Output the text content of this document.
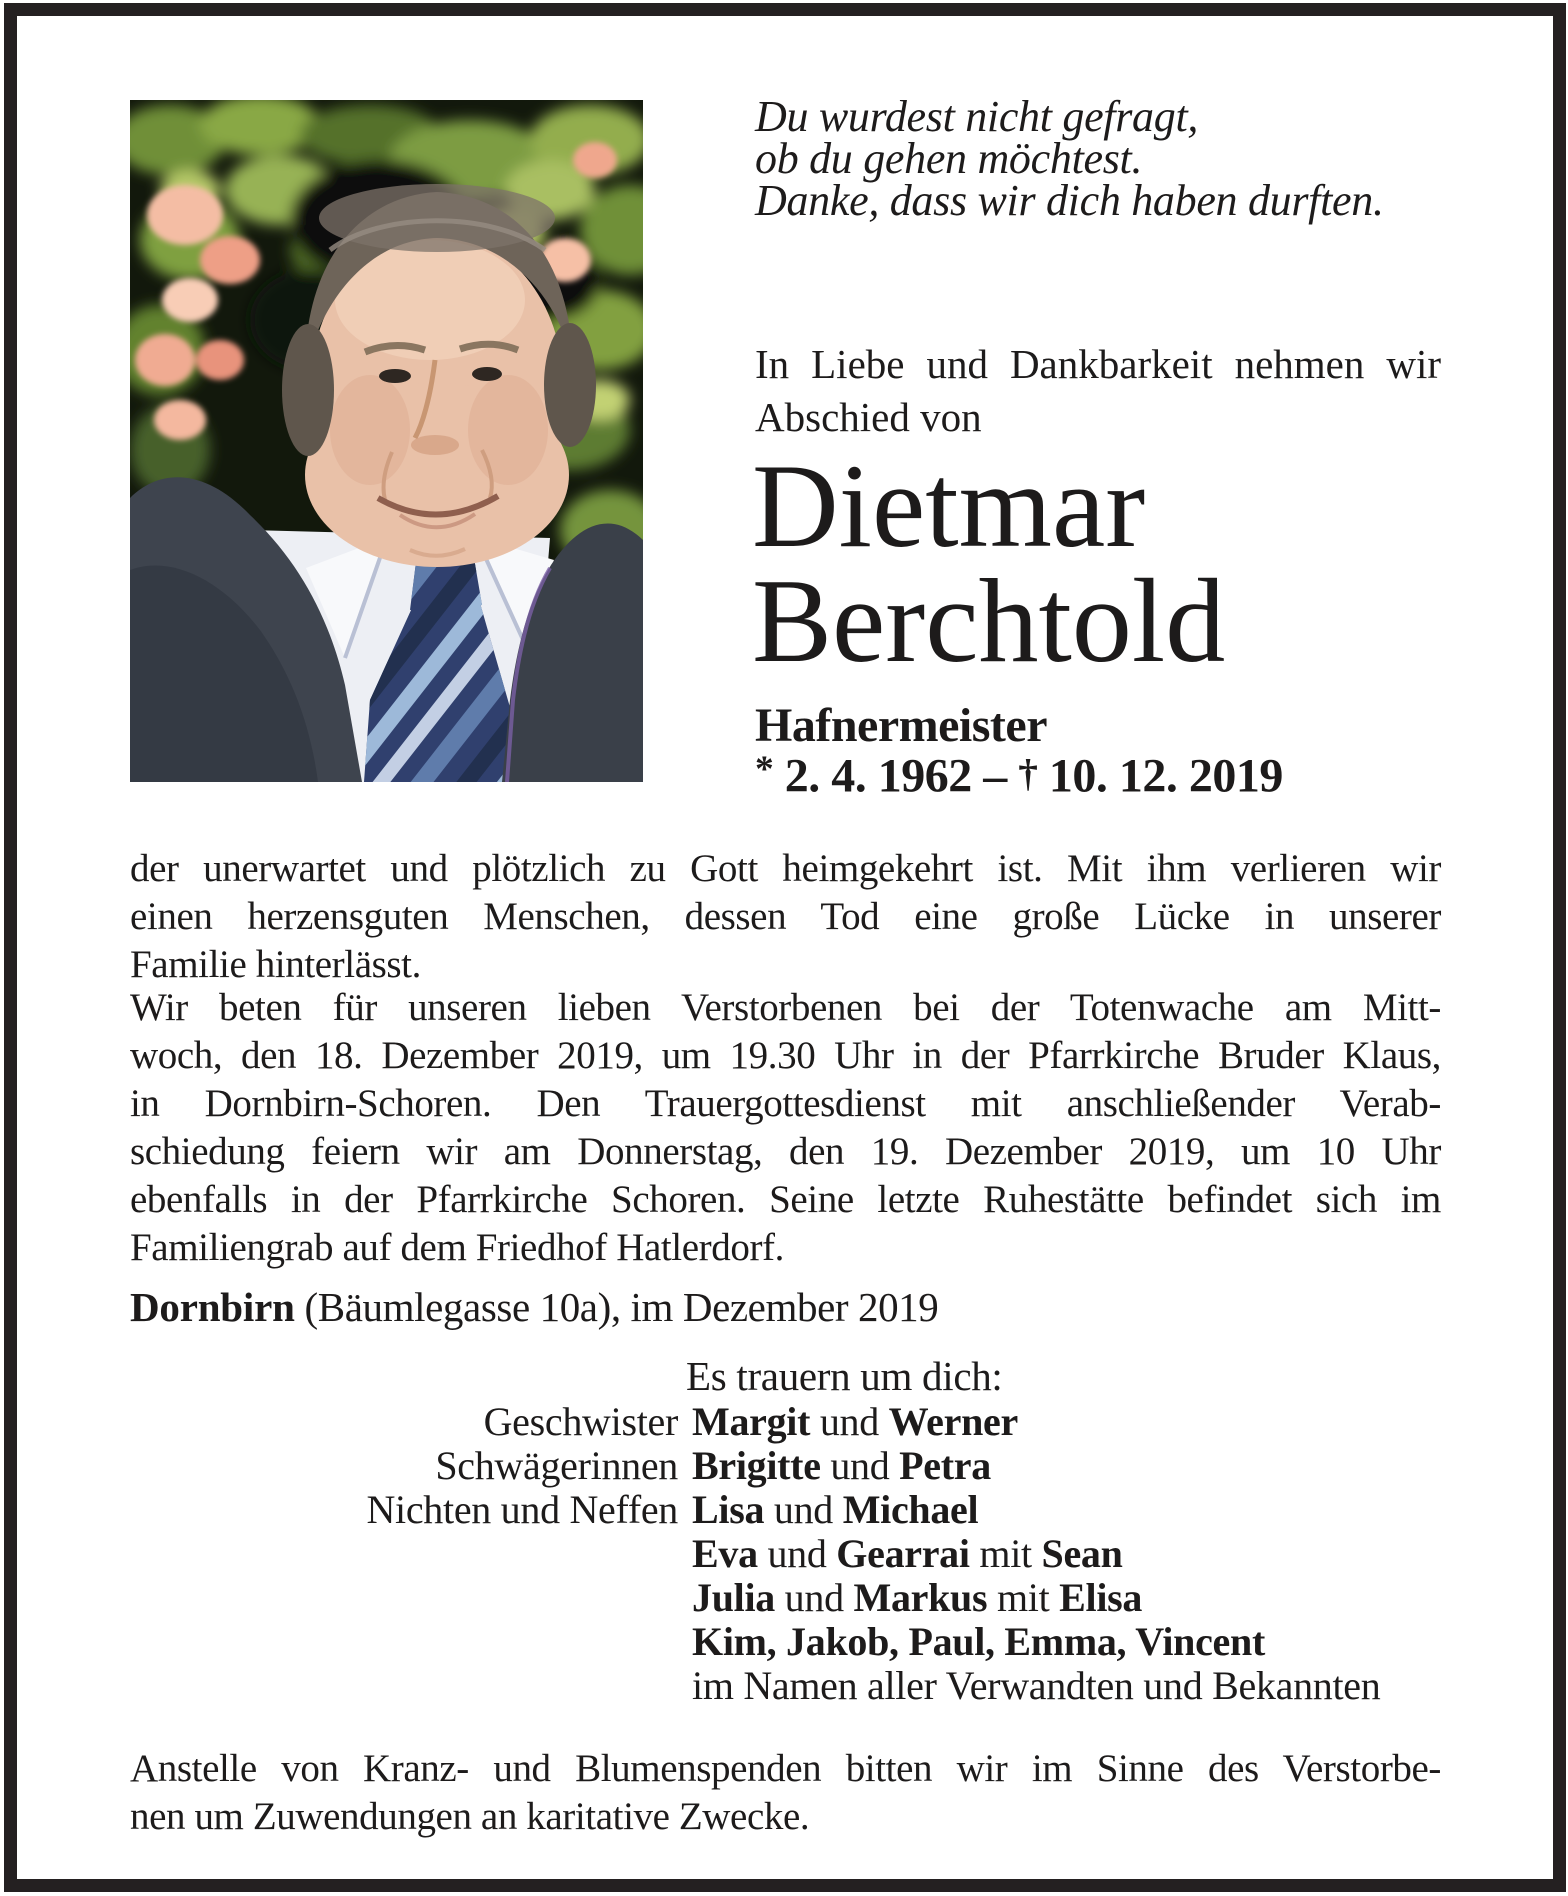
Du wurdest nicht gefragt,
ob du gehen möchtest.
Danke, dass wir dich haben durften.
In Liebe und Dankbarkeit nehmen wir
Abschied von
Dietmar
Berchtold
Hafnermeister
* 2. 4. 1962 – † 10. 12. 2019
der unerwartet und plötzlich zu Gott heimgekehrt ist. Mit ihm verlieren wir
einen herzensguten Menschen, dessen Tod eine große Lücke in unserer
Familie hinterlässt.
Wir beten für unseren lieben Verstorbenen bei der Totenwache am Mitt-
woch, den 18. Dezember 2019, um 19.30 Uhr in der Pfarrkirche Bruder Klaus,
in Dornbirn-Schoren. Den Trauergottesdienst mit anschließender Verab-
schiedung feiern wir am Donnerstag, den 19. Dezember 2019, um 10 Uhr
ebenfalls in der Pfarrkirche Schoren. Seine letzte Ruhestätte befindet sich im
Familiengrab auf dem Friedhof Hatlerdorf.
Dornbirn (Bäumlegasse 10a), im Dezember 2019
Es trauern um dich:
Geschwister Margit und Werner
Schwägerinnen Brigitte und Petra
Nichten und Neffen Lisa und Michael
Eva und Gearrai mit Sean
Julia und Markus mit Elisa
Kim, Jakob, Paul, Emma, Vincent
im Namen aller Verwandten und Bekannten
Anstelle von Kranz- und Blumenspenden bitten wir im Sinne des Verstorbe-
nen um Zuwendungen an karitative Zwecke.
